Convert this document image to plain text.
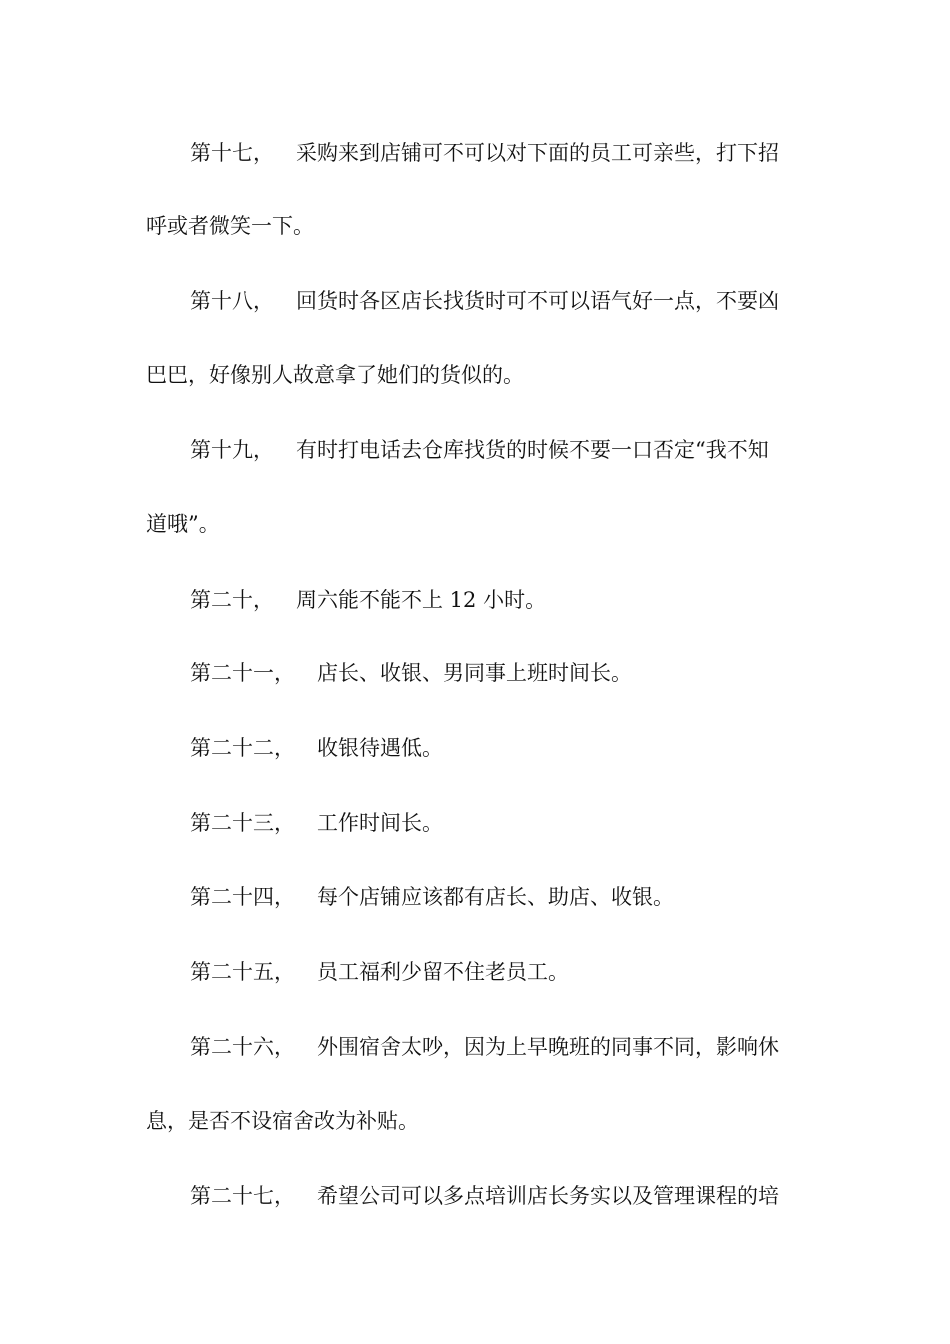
第十七， 采购来到店铺可不可以对下面的员工可亲些，打下招
呼或者微笑一下。
第十八， 回货时各区店长找货时可不可以语气好一点，不要凶
巴巴，好像别人故意拿了她们的货似的。
第十九， 有时打电话去仓库找货的时候不要一口否定“我不知
道哦”。
第二十， 周六能不能不上 12 小时。
第二十一， 店长、收银、男同事上班时间长。
第二十二， 收银待遇低。
第二十三， 工作时间长。
第二十四， 每个店铺应该都有店长、助店、收银。
第二十五， 员工福利少留不住老员工。
第二十六， 外围宿舍太吵，因为上早晚班的同事不同，影响休
息，是否不设宿舍改为补贴。
第二十七， 希望公司可以多点培训店长务实以及管理课程的培
